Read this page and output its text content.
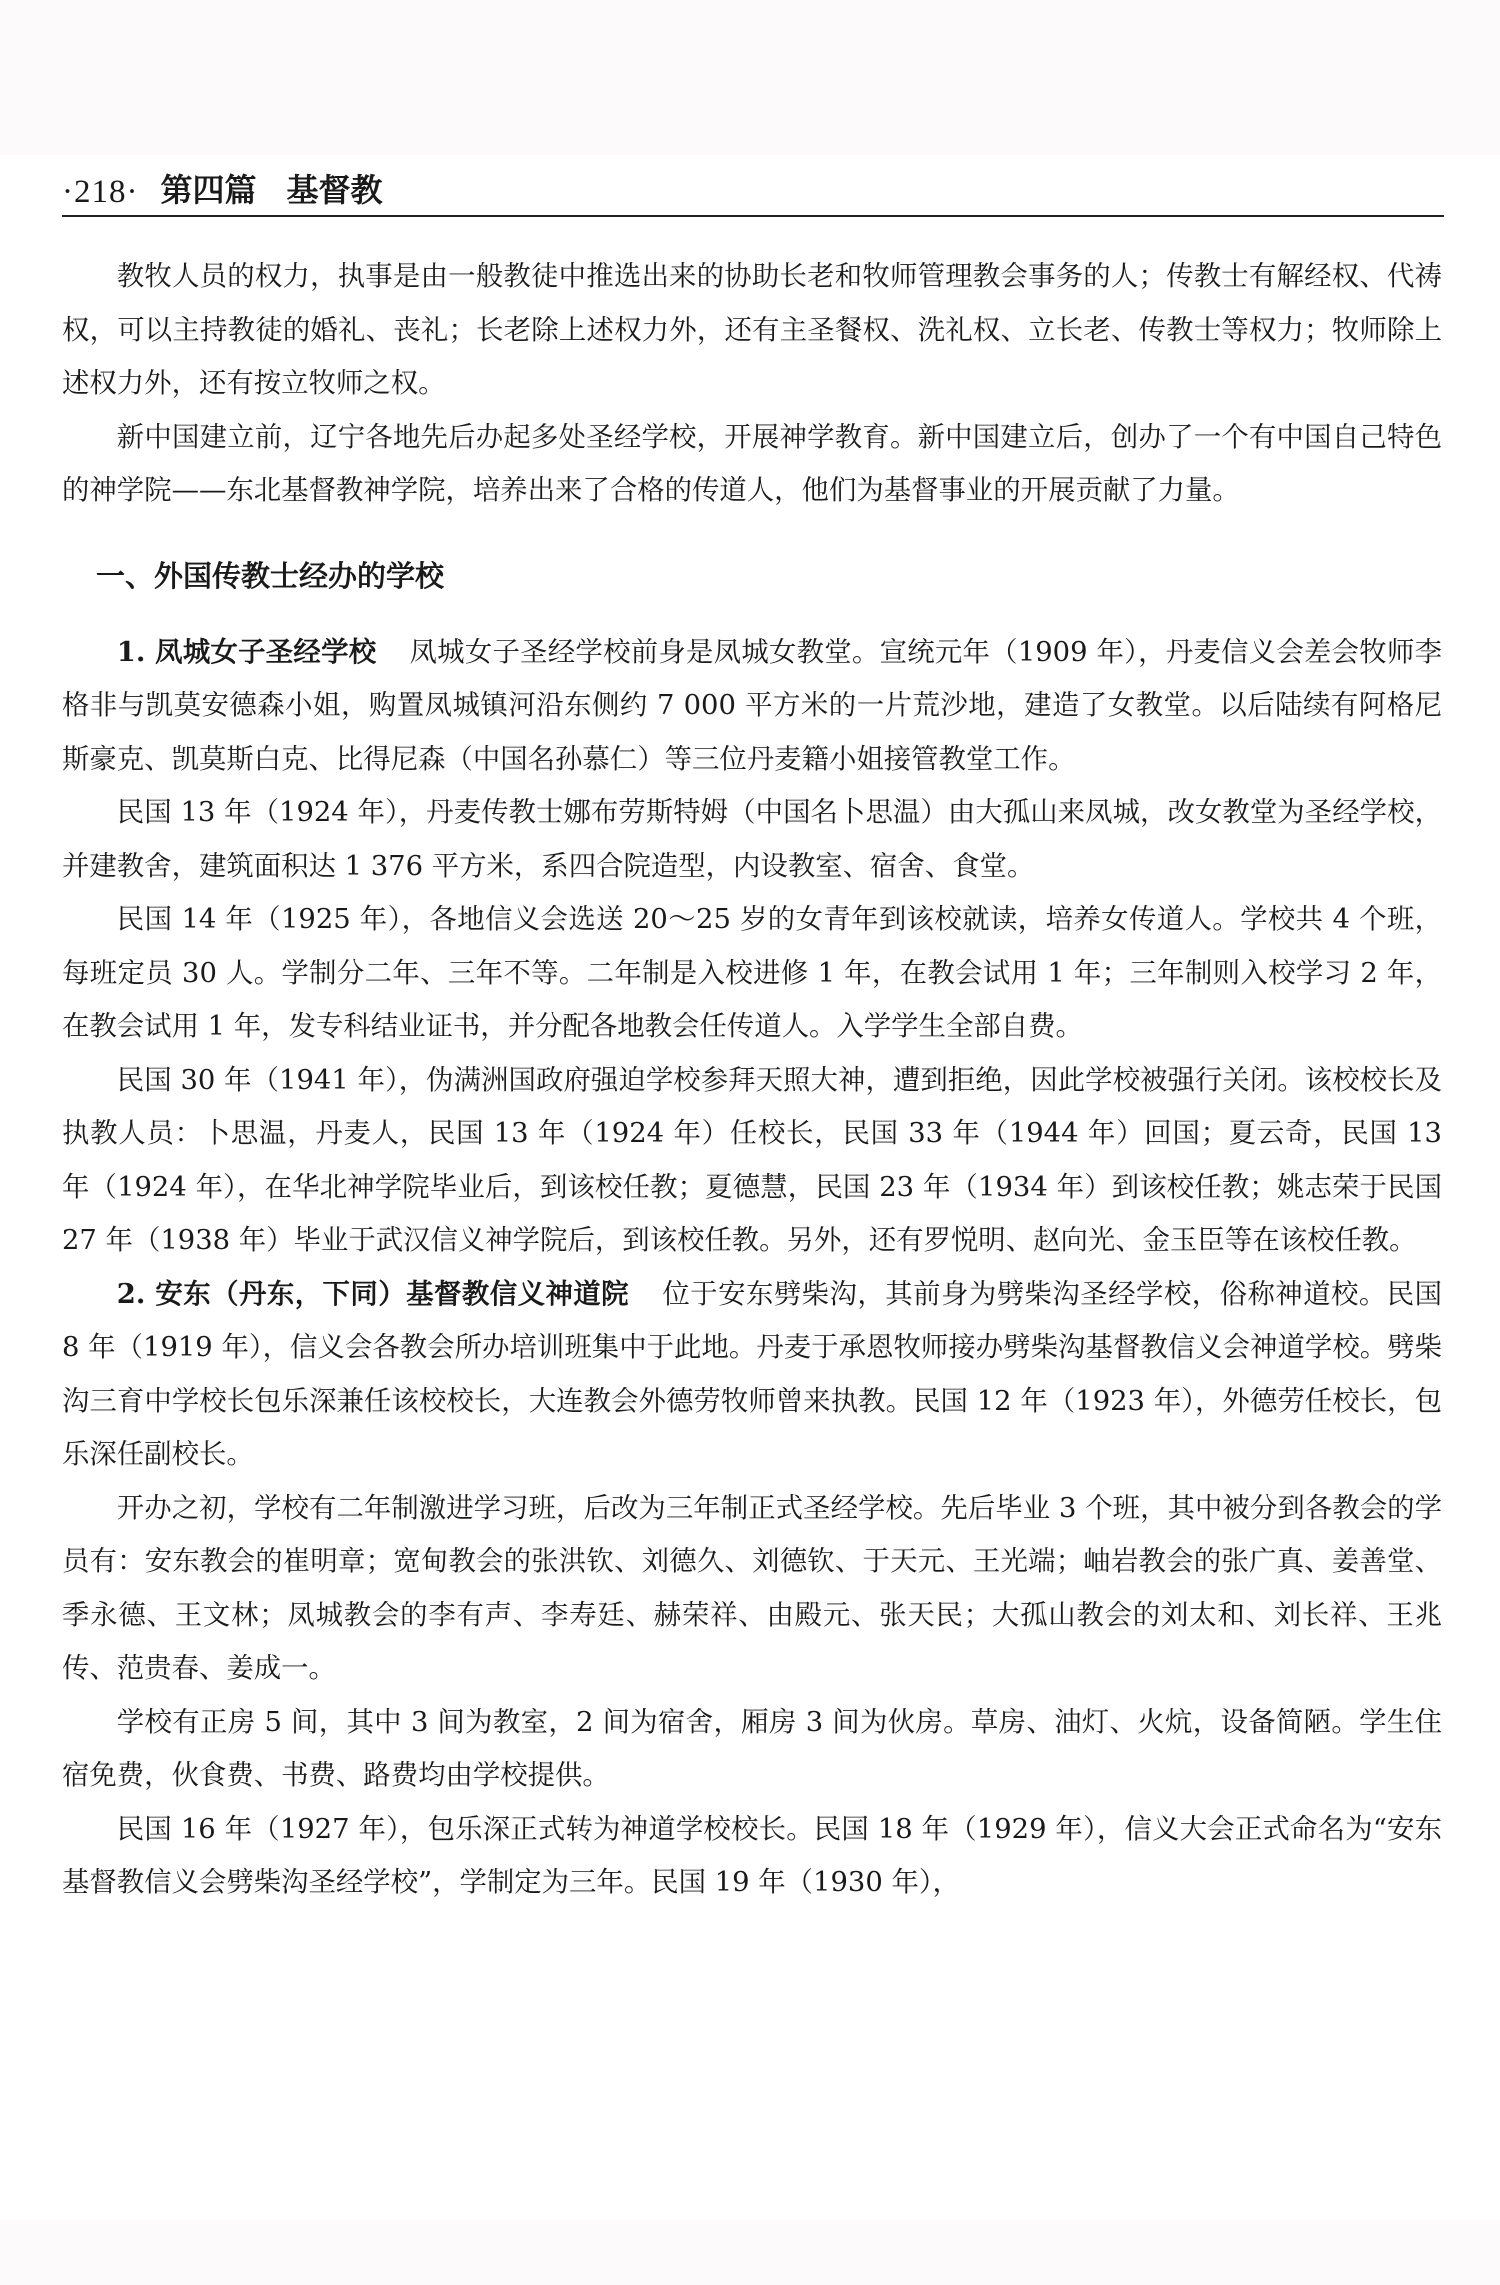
·218· 第四篇 基督教

教牧人员的权力，执事是由一般教徒中推选出来的协助长老和牧师管理教会事务的人；传教士有解经权、代祷权，可以主持教徒的婚礼、丧礼；长老除上述权力外，还有主圣餐权、洗礼权、立长老、传教士等权力；牧师除上述权力外，还有按立牧师之权。

新中国建立前，辽宁各地先后办起多处圣经学校，开展神学教育。新中国建立后，创办了一个有中国自己特色的神学院——东北基督教神学院，培养出来了合格的传道人，他们为基督事业的开展贡献了力量。

一、外国传教士经办的学校

1. 凤城女子圣经学校 凤城女子圣经学校前身是凤城女教堂。宣统元年（1909 年），丹麦信义会差会牧师李格非与凯莫安德森小姐，购置凤城镇河沿东侧约 7 000 平方米的一片荒沙地，建造了女教堂。以后陆续有阿格尼斯豪克、凯莫斯白克、比得尼森（中国名孙慕仁）等三位丹麦籍小姐接管教堂工作。

民国 13 年（1924 年），丹麦传教士娜布劳斯特姆（中国名卜思温）由大孤山来凤城，改女教堂为圣经学校，并建教舍，建筑面积达 1 376 平方米，系四合院造型，内设教室、宿舍、食堂。

民国 14 年（1925 年），各地信义会选送 20～25 岁的女青年到该校就读，培养女传道人。学校共 4 个班，每班定员 30 人。学制分二年、三年不等。二年制是入校进修 1 年，在教会试用 1 年；三年制则入校学习 2 年，在教会试用 1 年，发专科结业证书，并分配各地教会任传道人。入学学生全部自费。

民国 30 年（1941 年），伪满洲国政府强迫学校参拜天照大神，遭到拒绝，因此学校被强行关闭。该校校长及执教人员：卜思温，丹麦人，民国 13 年（1924 年）任校长，民国 33 年（1944 年）回国；夏云奇，民国 13 年（1924 年），在华北神学院毕业后，到该校任教；夏德慧，民国 23 年（1934 年）到该校任教；姚志荣于民国 27 年（1938 年）毕业于武汉信义神学院后，到该校任教。另外，还有罗悦明、赵向光、金玉臣等在该校任教。

2. 安东（丹东，下同）基督教信义神道院 位于安东劈柴沟，其前身为劈柴沟圣经学校，俗称神道校。民国 8 年（1919 年），信义会各教会所办培训班集中于此地。丹麦于承恩牧师接办劈柴沟基督教信义会神道学校。劈柴沟三育中学校长包乐深兼任该校校长，大连教会外德劳牧师曾来执教。民国 12 年（1923 年），外德劳任校长，包乐深任副校长。

开办之初，学校有二年制激进学习班，后改为三年制正式圣经学校。先后毕业 3 个班，其中被分到各教会的学员有：安东教会的崔明章；宽甸教会的张洪钦、刘德久、刘德钦、于天元、王光端；岫岩教会的张广真、姜善堂、季永德、王文林；凤城教会的李有声、李寿廷、赫荣祥、由殿元、张天民；大孤山教会的刘太和、刘长祥、王兆传、范贵春、姜成一。

学校有正房 5 间，其中 3 间为教室，2 间为宿舍，厢房 3 间为伙房。草房、油灯、火炕，设备简陋。学生住宿免费，伙食费、书费、路费均由学校提供。

民国 16 年（1927 年），包乐深正式转为神道学校校长。民国 18 年（1929 年），信义大会正式命名为“安东基督教信义会劈柴沟圣经学校”，学制定为三年。民国 19 年（1930 年），
